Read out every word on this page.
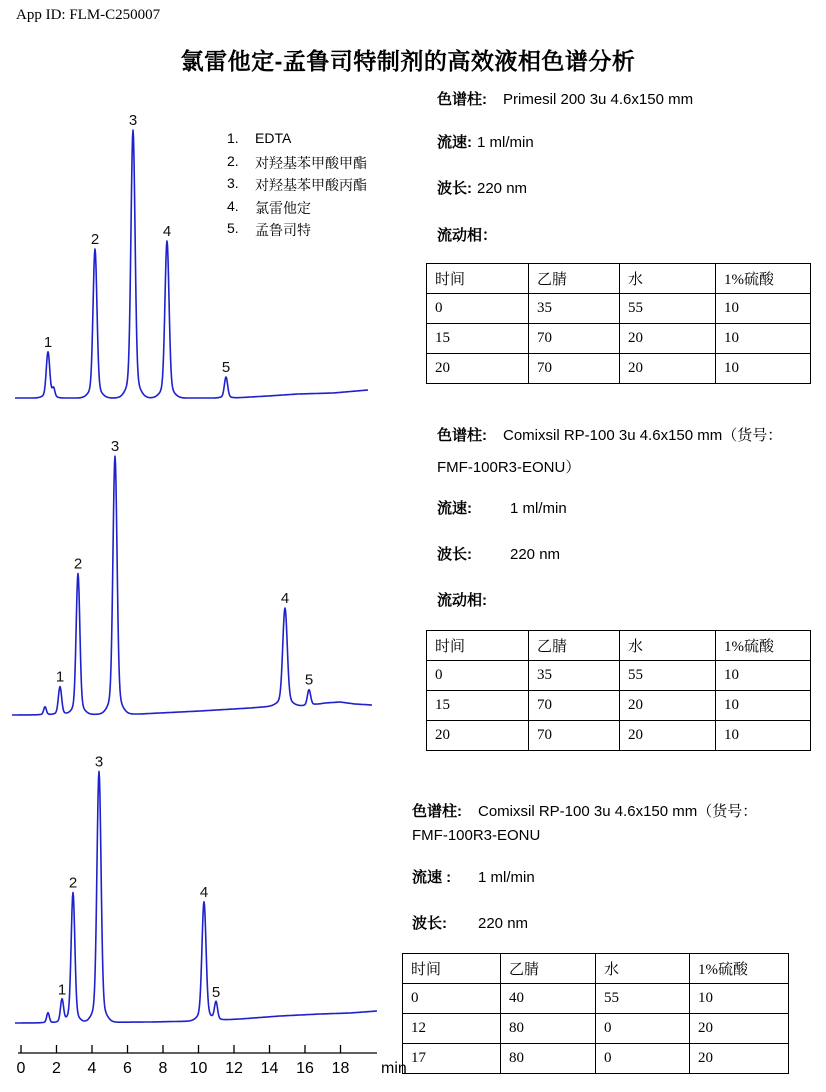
App ID: FLM-C250007
氯雷他定-孟鲁司特制剂的高效液相色谱分析
1
2
3
4
5
1
2
3
4
5
1
2
3
4
5
0 2 4 6 8 10 12 14 16 18 min
1.	EDTA
2.	对羟基苯甲酸甲酯
3.	对羟基苯甲酸丙酯
4.	氯雷他定
5.	孟鲁司特
色谱柱: Primesil 200 3u 4.6x150 mm
流速: 1 ml/min
波长: 220 nm
流动相：
时间	乙腈	水	1%硫酸
0	35	55	10
15	70	20	10
20	70	20	10
色谱柱: Comixsil RP-100 3u 4.6x150 mm（货号：
FMF-100R3-EONU）
流速:	1 ml/min
波长:	220 nm
流动相:
时间	乙腈	水	1%硫酸
0	35	55	10
15	70	20	10
20	70	20	10
色谱柱: Comixsil RP-100 3u 4.6x150 mm（货号：
FMF-100R3-EONU
流速 : 1 ml/min
波长: 220 nm
时间	乙腈	水	1%硫酸
0	40	55	10
12	80	0	20
17	80	0	20
